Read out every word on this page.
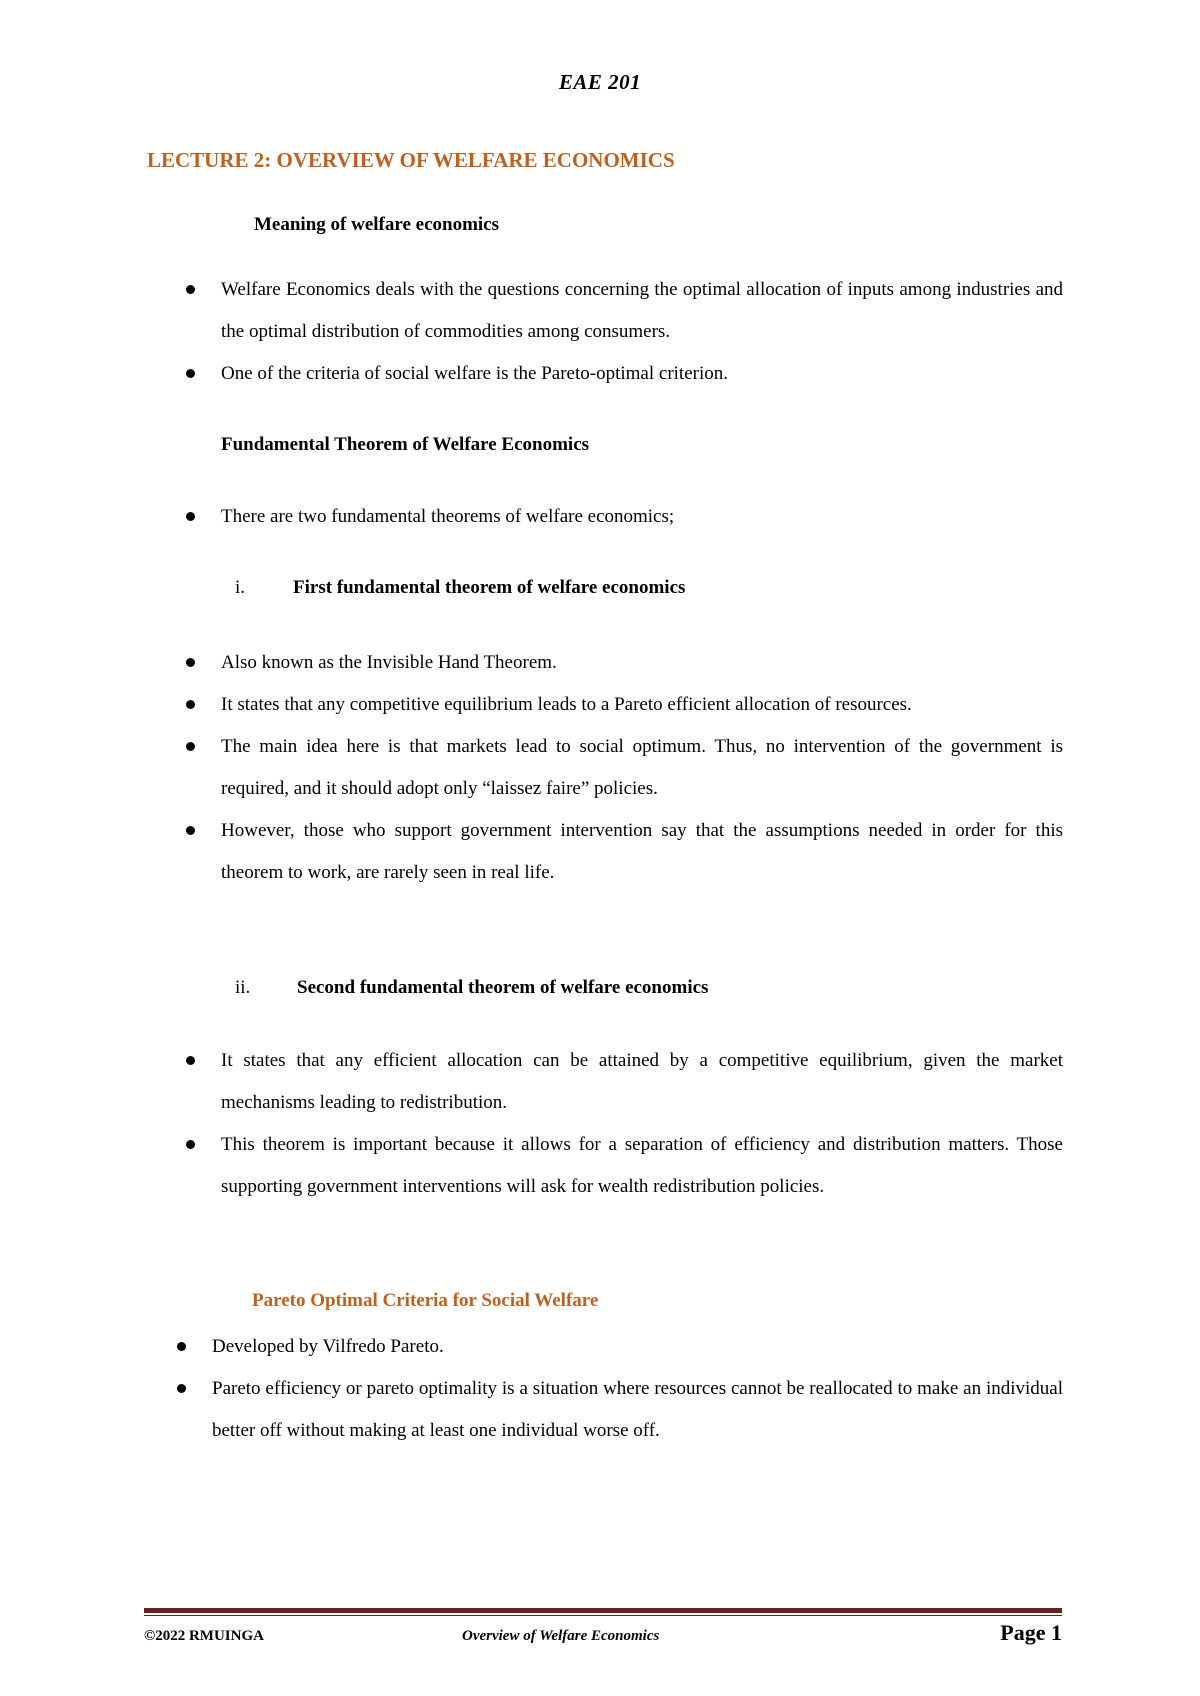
EAE 201
LECTURE 2: OVERVIEW OF WELFARE ECONOMICS
Meaning of welfare economics
Welfare Economics deals with the questions concerning the optimal allocation of inputs among industries and the optimal distribution of commodities among consumers.
One of the criteria of social welfare is the Pareto-optimal criterion.
Fundamental Theorem of Welfare Economics
There are two fundamental theorems of welfare economics;
i.	First fundamental theorem of welfare economics
Also known as the Invisible Hand Theorem.
It states that any competitive equilibrium leads to a Pareto efficient allocation of resources.
The main idea here is that markets lead to social optimum. Thus, no intervention of the government is required, and it should adopt only “laissez faire” policies.
However, those who support government intervention say that the assumptions needed in order for this theorem to work, are rarely seen in real life.
ii. Second fundamental theorem of welfare economics
It states that any efficient allocation can be attained by a competitive equilibrium, given the market mechanisms leading to redistribution.
This theorem is important because it allows for a separation of efficiency and distribution matters. Those supporting government interventions will ask for wealth redistribution policies.
Pareto Optimal Criteria for Social Welfare
Developed by Vilfredo Pareto.
Pareto efficiency or pareto optimality is a situation where resources cannot be reallocated to make an individual better off without making at least one individual worse off.
©2022 RMUINGA	Overview of Welfare Economics	Page 1
